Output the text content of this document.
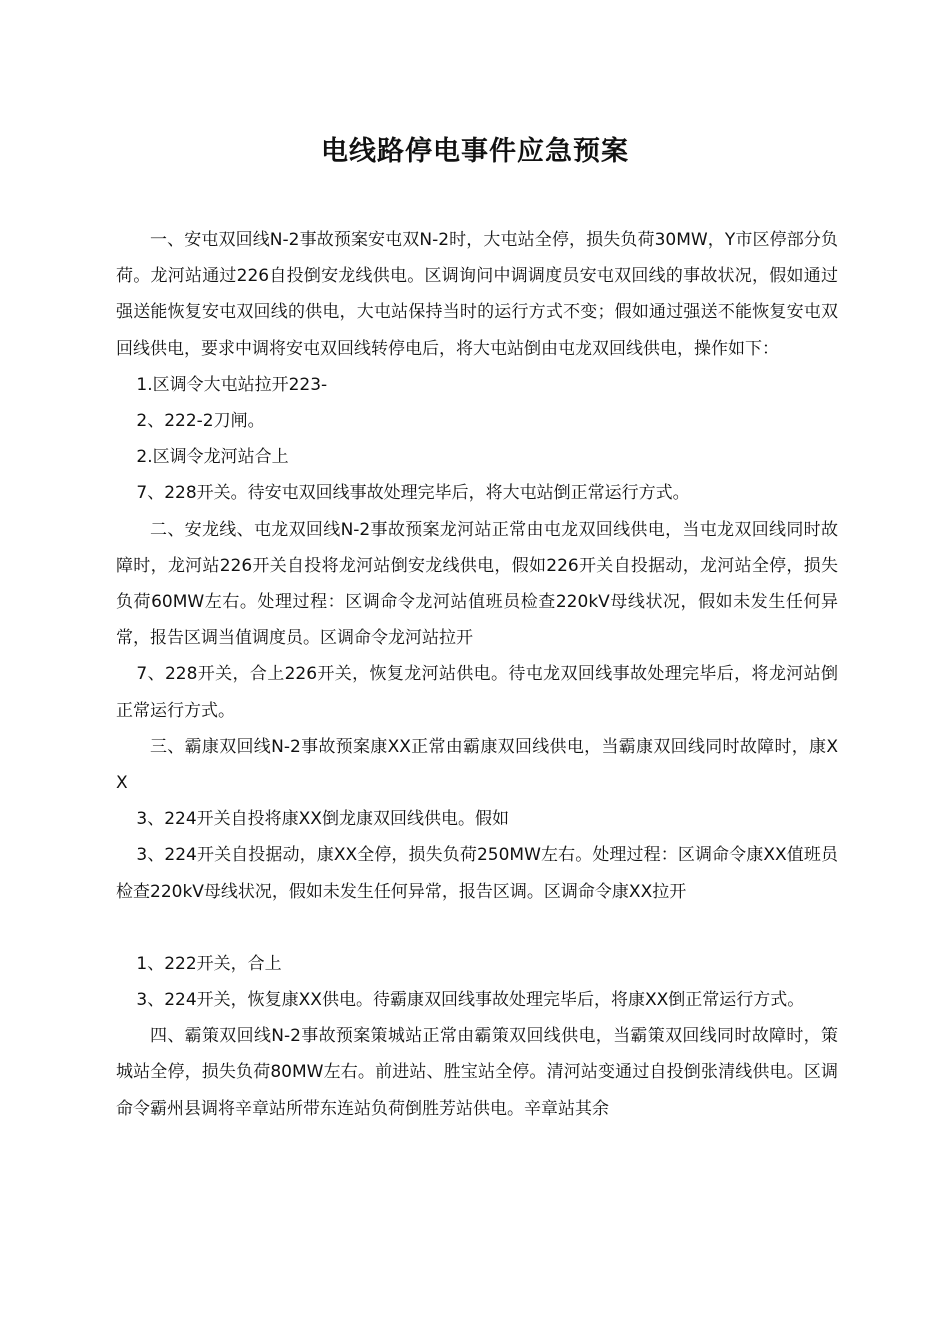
电线路停电事件应急预案

一、安屯双回线N-2事故预案安屯双N-2时，大屯站全停，损失负荷30MW，Y市区停部分负荷。龙河站通过226自投倒安龙线供电。区调询问中调调度员安屯双回线的事故状况，假如通过强送能恢复安屯双回线的供电，大屯站保持当时的运行方式不变；假如通过强送不能恢复安屯双回线供电，要求中调将安屯双回线转停电后，将大屯站倒由屯龙双回线供电，操作如下：

1.区调令大屯站拉开223-

2、222-2刀闸。

2.区调令龙河站合上

7、228开关。待安屯双回线事故处理完毕后，将大屯站倒正常运行方式。

二、安龙线、屯龙双回线N-2事故预案龙河站正常由屯龙双回线供电，当屯龙双回线同时故障时，龙河站226开关自投将龙河站倒安龙线供电，假如226开关自投据动，龙河站全停，损失负荷60MW左右。处理过程：区调命令龙河站值班员检查220kV母线状况，假如未发生任何异常，报告区调当值调度员。区调命令龙河站拉开

7、228开关，合上226开关，恢复龙河站供电。待屯龙双回线事故处理完毕后，将龙河站倒正常运行方式。

三、霸康双回线N-2事故预案康XX正常由霸康双回线供电，当霸康双回线同时故障时，康XX

3、224开关自投将康XX倒龙康双回线供电。假如

3、224开关自投据动，康XX全停，损失负荷250MW左右。处理过程：区调命令康XX值班员检查220kV母线状况，假如未发生任何异常，报告区调。区调命令康XX拉开

1、222开关，合上

3、224开关，恢复康XX供电。待霸康双回线事故处理完毕后，将康XX倒正常运行方式。

四、霸策双回线N-2事故预案策城站正常由霸策双回线供电，当霸策双回线同时故障时，策城站全停，损失负荷80MW左右。前进站、胜宝站全停。清河站变通过自投倒张清线供电。区调命令霸州县调将辛章站所带东连站负荷倒胜芳站供电。辛章站其余
